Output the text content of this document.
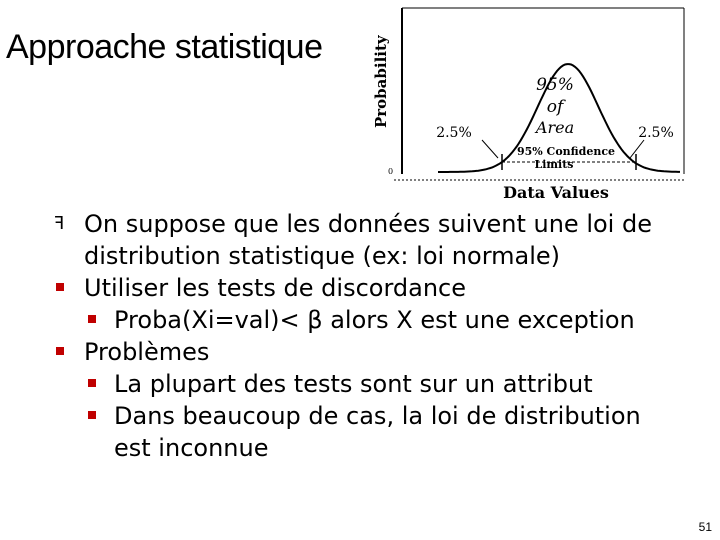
Approache statistique	Probability
0
95%
of
Area
2.5%	2.5%
95% Confidence
Limits
Data Values
ꟻ On suppose que les données suivent une loi de distribution statistique (ex: loi normale)
Utiliser les tests de discordance
Proba(Xi=val)< β alors X est une exception
Problèmes
La plupart des tests sont sur un attribut
Dans beaucoup de cas, la loi de distribution est inconnue
51
